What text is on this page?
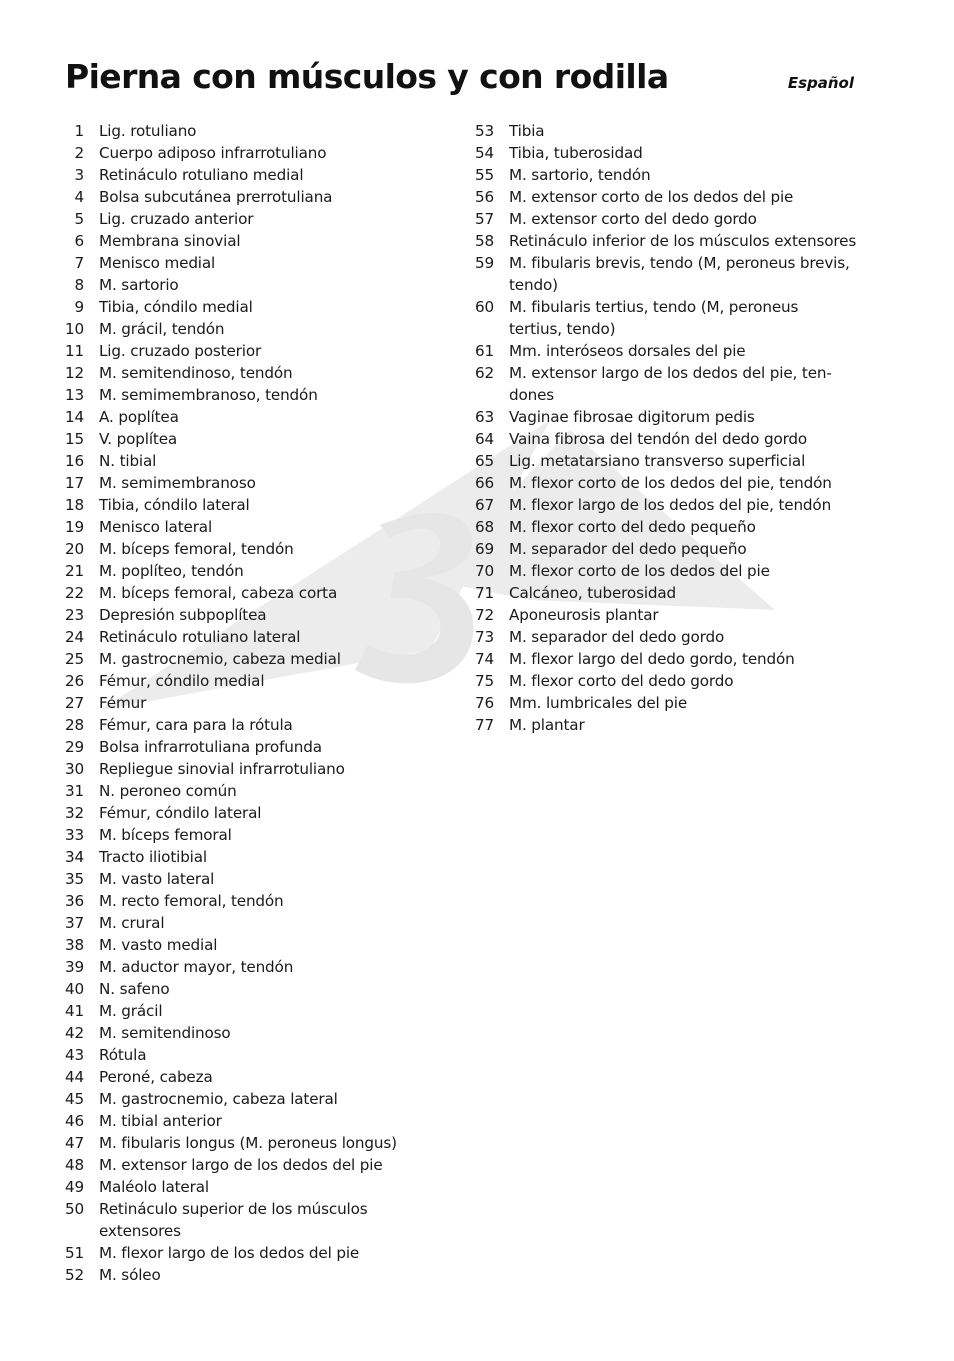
Pierna con músculos y con rodilla	Español
1 Lig. rotuliano
2 Cuerpo adiposo infrarrotuliano
3 Retináculo rotuliano medial
4 Bolsa subcutánea prerrotuliana
5 Lig. cruzado anterior
6 Membrana sinovial
7 Menisco medial
8 M. sartorio
9 Tibia, cóndilo medial
10 M. grácil, tendón
11 Lig. cruzado posterior
12 M. semitendinoso, tendón
13 M. semimembranoso, tendón
14 A. poplítea
15 V. poplítea
16 N. tibial
17 M. semimembranoso
18 Tibia, cóndilo lateral
19 Menisco lateral
20 M. bíceps femoral, tendón
21 M. poplíteo, tendón
22 M. bíceps femoral, cabeza corta
23 Depresión subpoplítea
24 Retináculo rotuliano lateral
25 M. gastrocnemio, cabeza medial
26 Fémur, cóndilo medial
27 Fémur
28 Fémur, cara para la rótula
29 Bolsa infrarrotuliana profunda
30 Repliegue sinovial infrarrotuliano
31 N. peroneo común
32 Fémur, cóndilo lateral
33 M. bíceps femoral
34 Tracto iliotibial
35 M. vasto lateral
36 M. recto femoral, tendón
37 M. crural
38 M. vasto medial
39 M. aductor mayor, tendón
40 N. safeno
41 M. grácil
42 M. semitendinoso
43 Rótula
44 Peroné, cabeza
45 M. gastrocnemio, cabeza lateral
46 M. tibial anterior
47 M. fibularis longus (M. peroneus longus)
48 M. extensor largo de los dedos del pie
49 Maléolo lateral
50 Retináculo superior de los músculos
extensores
51 M. flexor largo de los dedos del pie
52 M. sóleo
53 Tibia
54 Tibia, tuberosidad
55 M. sartorio, tendón
56 M. extensor corto de los dedos del pie
57 M. extensor corto del dedo gordo
58 Retináculo inferior de los músculos extensores
59 M. fibularis brevis, tendo (M, peroneus brevis,
tendo)
60 M. fibularis tertius, tendo (M, peroneus
tertius, tendo)
61 Mm. interóseos dorsales del pie
62 M. extensor largo de los dedos del pie, ten-
dones
63 Vaginae fibrosae digitorum pedis
64 Vaina fibrosa del tendón del dedo gordo
65 Lig. metatarsiano transverso superficial
66 M. flexor corto de los dedos del pie, tendón
67 M. flexor largo de los dedos del pie, tendón
68 M. flexor corto del dedo pequeño
69 M. separador del dedo pequeño
70 M. flexor corto de los dedos del pie
71 Calcáneo, tuberosidad
72 Aponeurosis plantar
73 M. separador del dedo gordo
74 M. flexor largo del dedo gordo, tendón
75 M. flexor corto del dedo gordo
76 Mm. lumbricales del pie
77 M. plantar
